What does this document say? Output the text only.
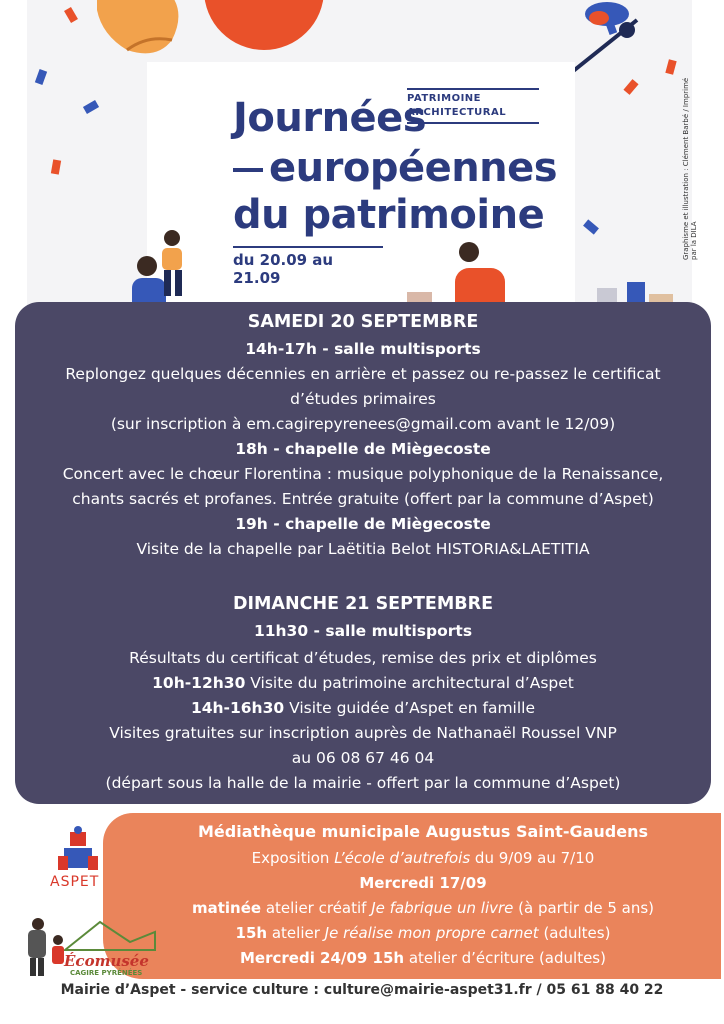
PATRIMOINE
ARCHITECTURAL
Journées
européennes
du patrimoine
du 20.09 au 21.09
Graphisme et illustration : Clément Barbé / Imprimé par la DILA
SAMEDI 20 SEPTEMBRE
14h-17h - salle multisports
Replongez quelques décennies en arrière et passez ou re-passez le certificat
d’études primaires
(sur inscription à em.cagirepyrenees@gmail.com avant le 12/09)
18h - chapelle de Miègecoste
Concert avec le chœur Florentina : musique polyphonique de la Renaissance,
chants sacrés et profanes. Entrée gratuite (offert par la commune d’Aspet)
19h - chapelle de Miègecoste
Visite de la chapelle par Laëtitia Belot HISTORIA&LAETITIA
DIMANCHE 21 SEPTEMBRE
11h30 - salle multisports
Résultats du certificat d’études, remise des prix et diplômes
10h-12h30 Visite du patrimoine architectural d’Aspet
14h-16h30 Visite guidée d’Aspet en famille
Visites gratuites sur inscription auprès de Nathanaël Roussel VNP
au 06 08 67 46 04
(départ sous la halle de la mairie - offert par la commune d’Aspet)
Médiathèque municipale Augustus Saint-Gaudens
Exposition L’école d’autrefois du 9/09 au 7/10
Mercredi 17/09
matinée atelier créatif Je fabrique un livre (à partir de 5 ans)
15h atelier Je réalise mon propre carnet (adultes)
Mercredi 24/09 15h atelier d’écriture (adultes)
ASPET
Écomusée
CAGIRE PYRÉNÉES
Mairie d’Aspet - service culture : culture@mairie-aspet31.fr / 05 61 88 40 22
